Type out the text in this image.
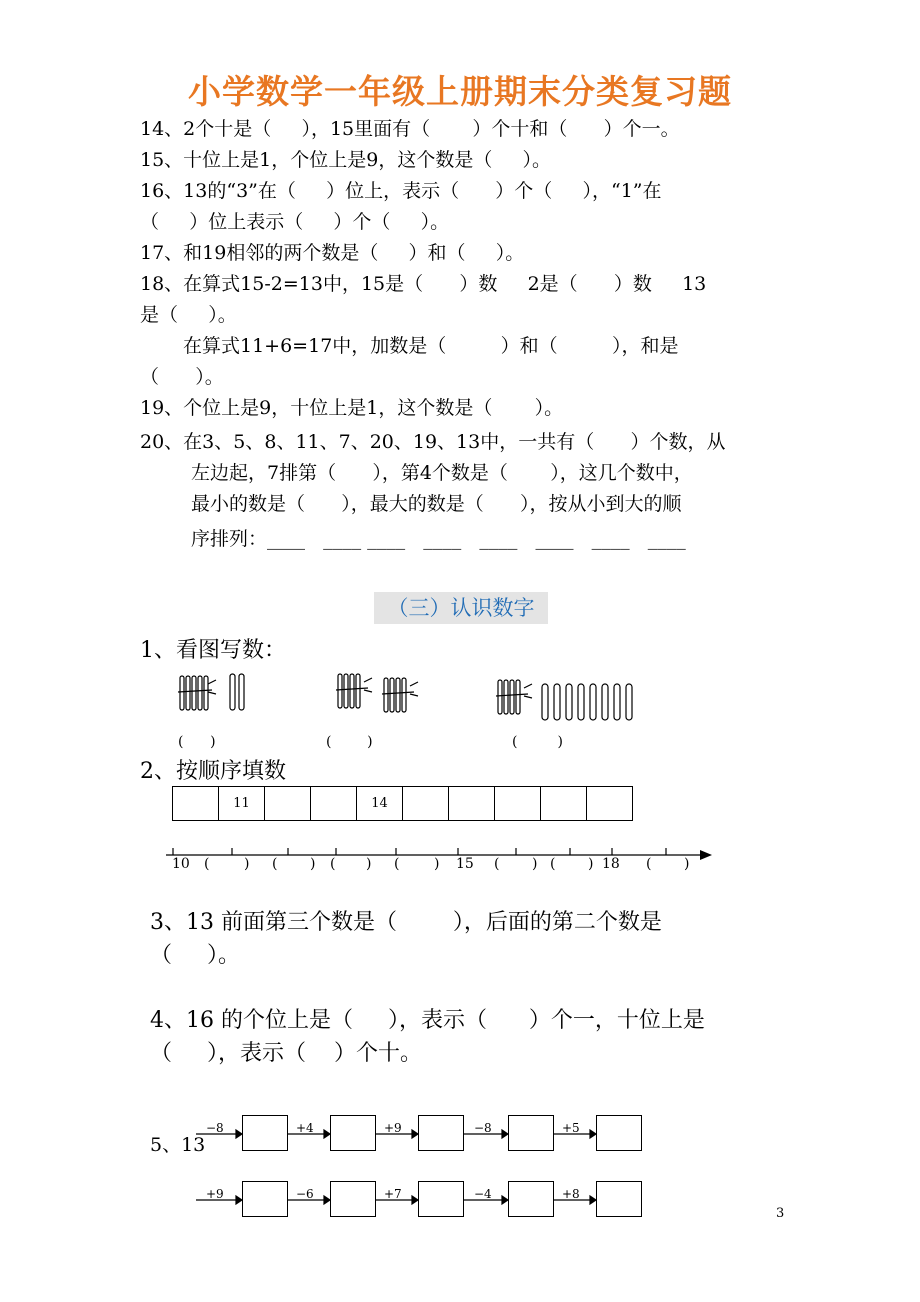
小学数学一年级上册期末分类复习题
14、2个十是（     ），15里面有（       ）个十和（      ）个一。
15、十位上是1，个位上是9，这个数是（     ）。
16、13的“3”在（     ）位上，表示（      ）个（     ），“1”在
（     ）位上表示（     ）个（     ）。
17、和19相邻的两个数是（     ）和（     ）。
18、在算式15-2=13中，15是（      ）数     2是（      ）数     13
是（     ）。
在算式11+6=17中，加数是（         ）和（         ），和是
（      ）。
19、个位上是9，十位上是1，这个数是（       ）。
20、在3、5、8、11、7、20、19、13中，一共有（      ）个数，从
左边起，7排第（      ），第4个数是（       ），这几个数中，
最小的数是（      ），最大的数是（      ），按从小到大的顺
序排列：____   ____ ____   ____   ____   ____   ____   ____
（三）认识数字
1、看图写数：
(      )	(        )	(         )
2、按顺序填数
11	14
10	15	18
( ) ( ) ( ) ( )	( ) ( )	( )
3、13 前面第三个数是（        ），后面的第二个数是
（     ）。
4、16 的个位上是（     ），表示（      ）个一，十位上是
（     ），表示（    ）个十。
5、13
−8	+4	+9	−8	+5
+9	−6	+7	−4	+8
3
